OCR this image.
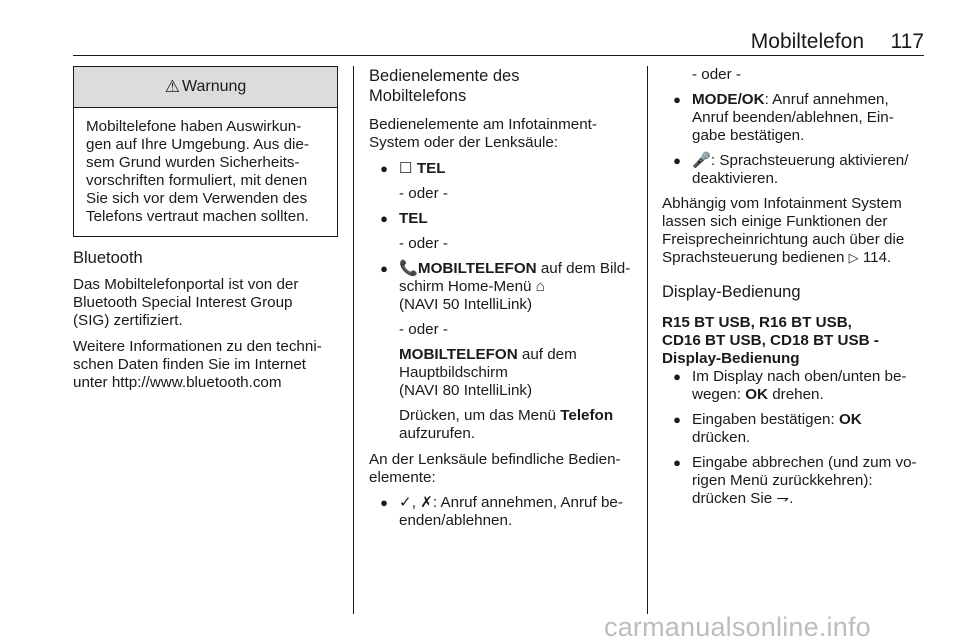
Mobiltelefon 117
⚠ Warnung
Mobiltelefone haben Auswirkun-
gen auf Ihre Umgebung. Aus die-
sem Grund wurden Sicherheits-
vorschriften formuliert, mit denen
Sie sich vor dem Verwenden des
Telefons vertraut machen sollten.
Bluetooth

Das Mobiltelefonportal ist von der
Bluetooth Special Interest Group
(SIG) zertifiziert.

Weitere Informationen zu den techni-
schen Daten finden Sie im Internet
unter http://www.bluetooth.com

Bedienelemente des
Mobiltelefons

Bedienelemente am Infotainment-
System oder der Lenksäule:

● ☐ TEL

- oder -

● TEL

- oder -

● 📞MOBILTELEFON auf dem Bild-
schirm Home-Menü ⌂

(NAVI 50 IntelliLink)

- oder -

MOBILTELEFON auf dem
Hauptbildschirm

(NAVI 80 IntelliLink)

Drücken, um das Menü Telefon
aufzurufen.

An der Lenksäule befindliche Bedien-
elemente:

● ✓, ✗: Anruf annehmen, Anruf be-
enden/ablehnen.

- oder -

● MODE/OK: Anruf annehmen,
Anruf beenden/ablehnen, Ein-
gabe bestätigen.
● 🎤: Sprachsteuerung aktivieren/
deaktivieren.

Abhängig vom Infotainment System
lassen sich einige Funktionen der
Freisprecheinrichtung auch über die
Sprachsteuerung bedienen ▷ 114.

Display-Bedienung

R15 BT USB, R16 BT USB,
CD16 BT USB, CD18 BT USB -
Display-Bedienung

● Im Display nach oben/unten be-
wegen: OK drehen.
● Eingaben bestätigen: OK
drücken.
● Eingabe abbrechen (und zum vo-
rigen Menü zurückkehren):
drücken Sie ⇁.
carmanualsonline.info
